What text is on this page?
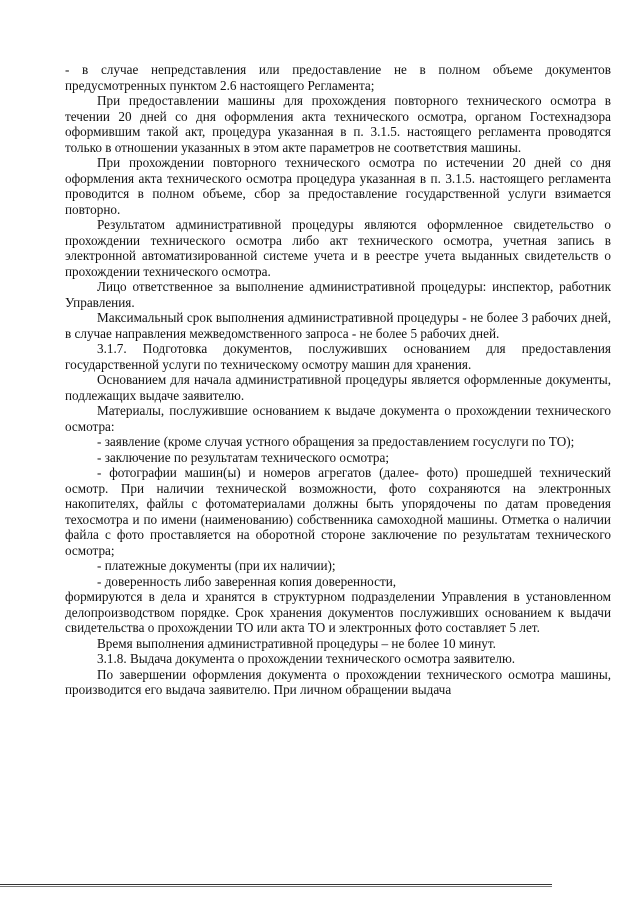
- в случае непредставления или предоставление не в полном объеме документов предусмотренных пунктом 2.6 настоящего Регламента;

При предоставлении машины для прохождения повторного технического осмотра в течении 20 дней со дня оформления акта технического осмотра, органом Гостехнадзора оформившим такой акт, процедура указанная в п. 3.1.5. настоящего регламента проводятся только в отношении указанных в этом акте параметров не соответствия машины.

При прохождении повторного технического осмотра по истечении 20 дней со дня оформления акта технического осмотра процедура указанная в п. 3.1.5. настоящего регламента проводится в полном объеме, сбор за предоставление государственной услуги взимается повторно.

Результатом административной процедуры являются оформленное свидетельство о прохождении технического осмотра либо акт технического осмотра, учетная запись в электронной автоматизированной системе учета и в реестре учета выданных свидетельств о прохождении технического осмотра.

Лицо ответственное за выполнение административной процедуры: инспектор, работник Управления.

Максимальный срок выполнения административной процедуры - не более 3 рабочих дней, в случае направления межведомственного запроса - не более 5 рабочих дней.

3.1.7. Подготовка документов, послуживших основанием для предоставления государственной услуги по техническому осмотру машин для хранения.

Основанием для начала административной процедуры является оформленные документы, подлежащих выдаче заявителю.

Материалы, послужившие основанием к выдаче документа о прохождении технического осмотра:

- заявление (кроме случая устного обращения за предоставлением госуслуги по ТО);

- заключение по результатам технического осмотра;

- фотографии машин(ы) и номеров агрегатов (далее- фото) прошедшей технический осмотр. При наличии технической возможности, фото сохраняются на электронных накопителях, файлы с фотоматериалами должны быть упорядочены по датам проведения техосмотра и по имени (наименованию) собственника самоходной машины. Отметка о наличии файла с фото проставляется на оборотной стороне заключение по результатам технического осмотра;

- платежные документы (при их наличии);

- доверенность либо заверенная копия доверенности,

формируются в дела и хранятся в структурном подразделении Управления в установленном делопроизводством порядке. Срок хранения документов послуживших основанием к выдачи свидетельства о прохождении ТО или акта ТО и электронных фото составляет 5 лет.

Время выполнения административной процедуры – не более 10 минут.

3.1.8. Выдача документа о прохождении технического осмотра заявителю.

По завершении оформления документа о прохождении технического осмотра машины, производится его выдача заявителю. При личном обращении выдача
